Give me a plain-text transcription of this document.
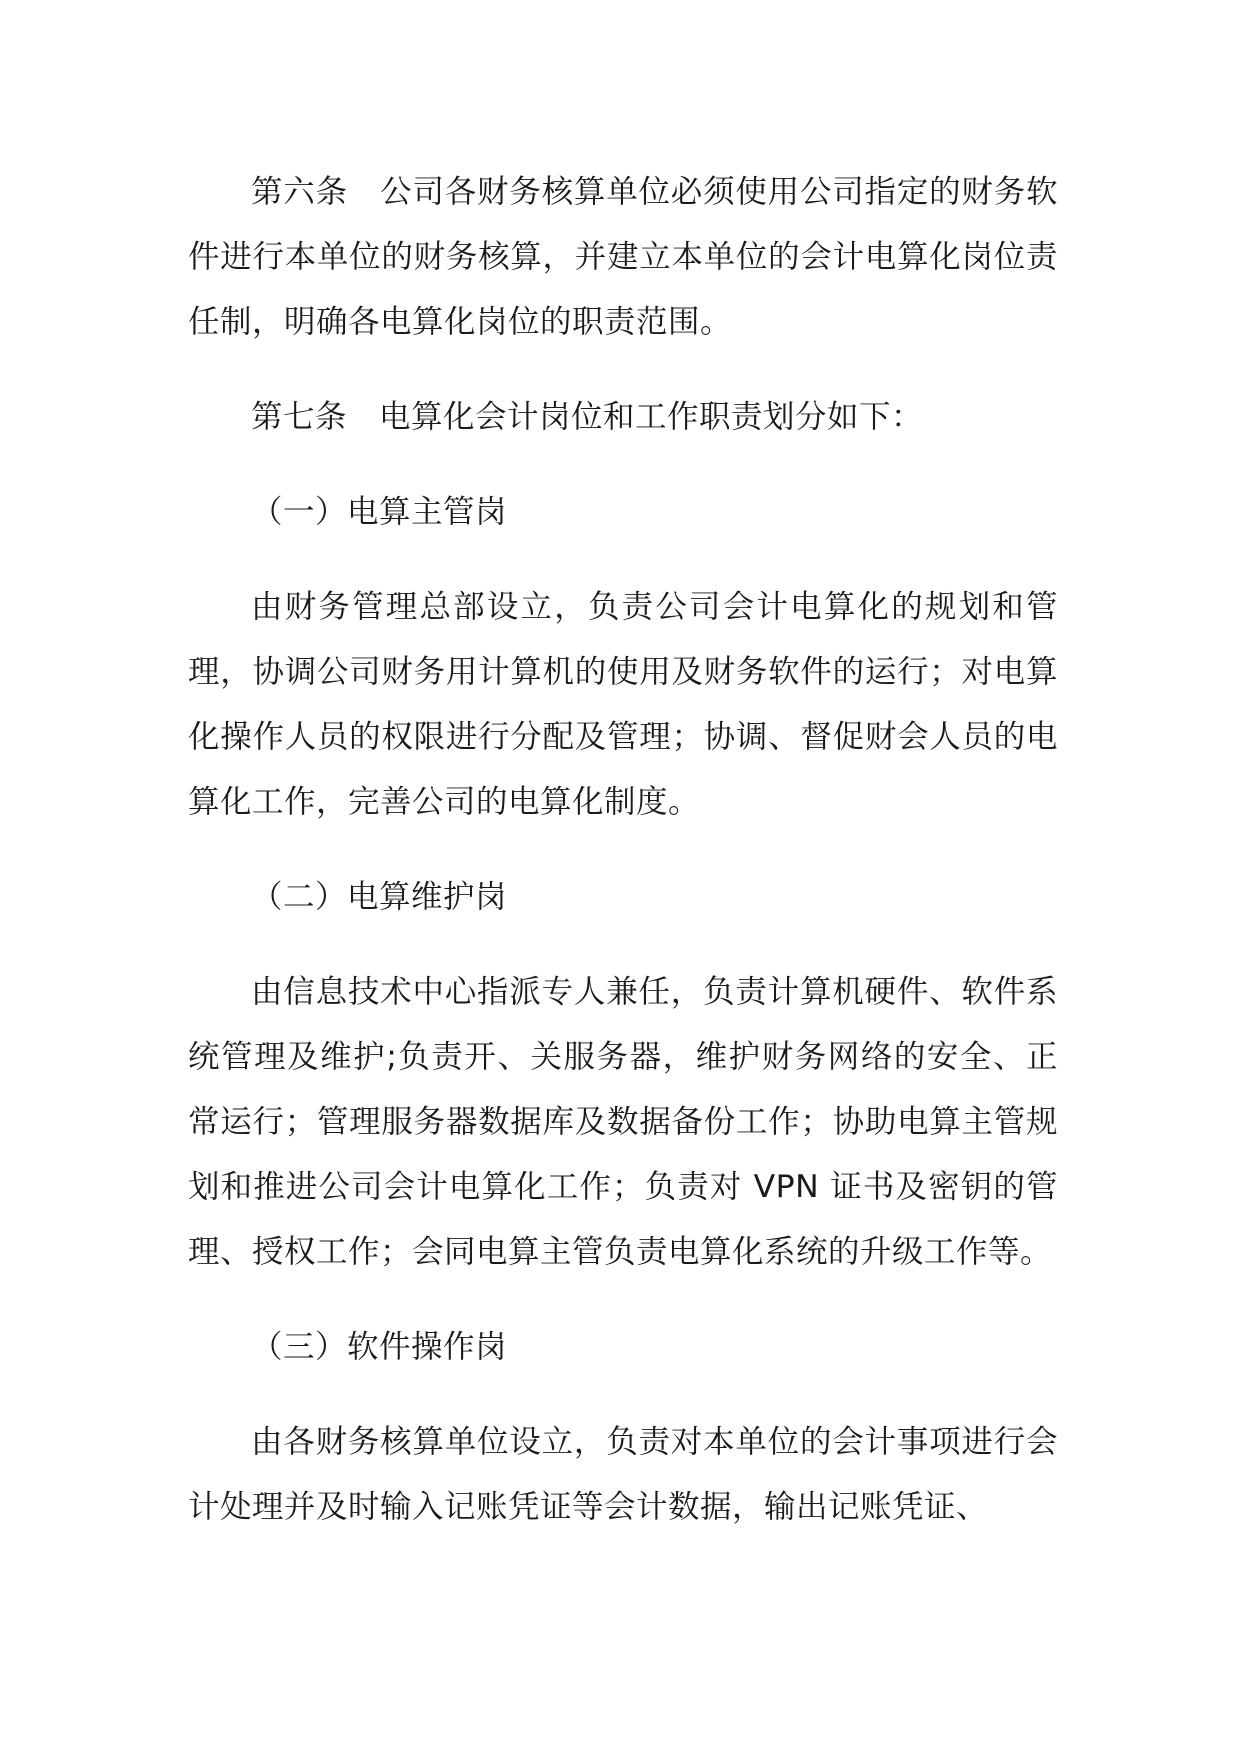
第六条　公司各财务核算单位必须使用公司指定的财务软件进行本单位的财务核算，并建立本单位的会计电算化岗位责任制，明确各电算化岗位的职责范围。

第七条　电算化会计岗位和工作职责划分如下：

（一）电算主管岗

由财务管理总部设立，负责公司会计电算化的规划和管理，协调公司财务用计算机的使用及财务软件的运行；对电算化操作人员的权限进行分配及管理；协调、督促财会人员的电算化工作，完善公司的电算化制度。

（二）电算维护岗

由信息技术中心指派专人兼任，负责计算机硬件、软件系统管理及维护;负责开、关服务器，维护财务网络的安全、正常运行；管理服务器数据库及数据备份工作；协助电算主管规划和推进公司会计电算化工作；负责对 VPN 证书及密钥的管理、授权工作；会同电算主管负责电算化系统的升级工作等。

（三）软件操作岗

由各财务核算单位设立，负责对本单位的会计事项进行会计处理并及时输入记账凭证等会计数据，输出记账凭证、
